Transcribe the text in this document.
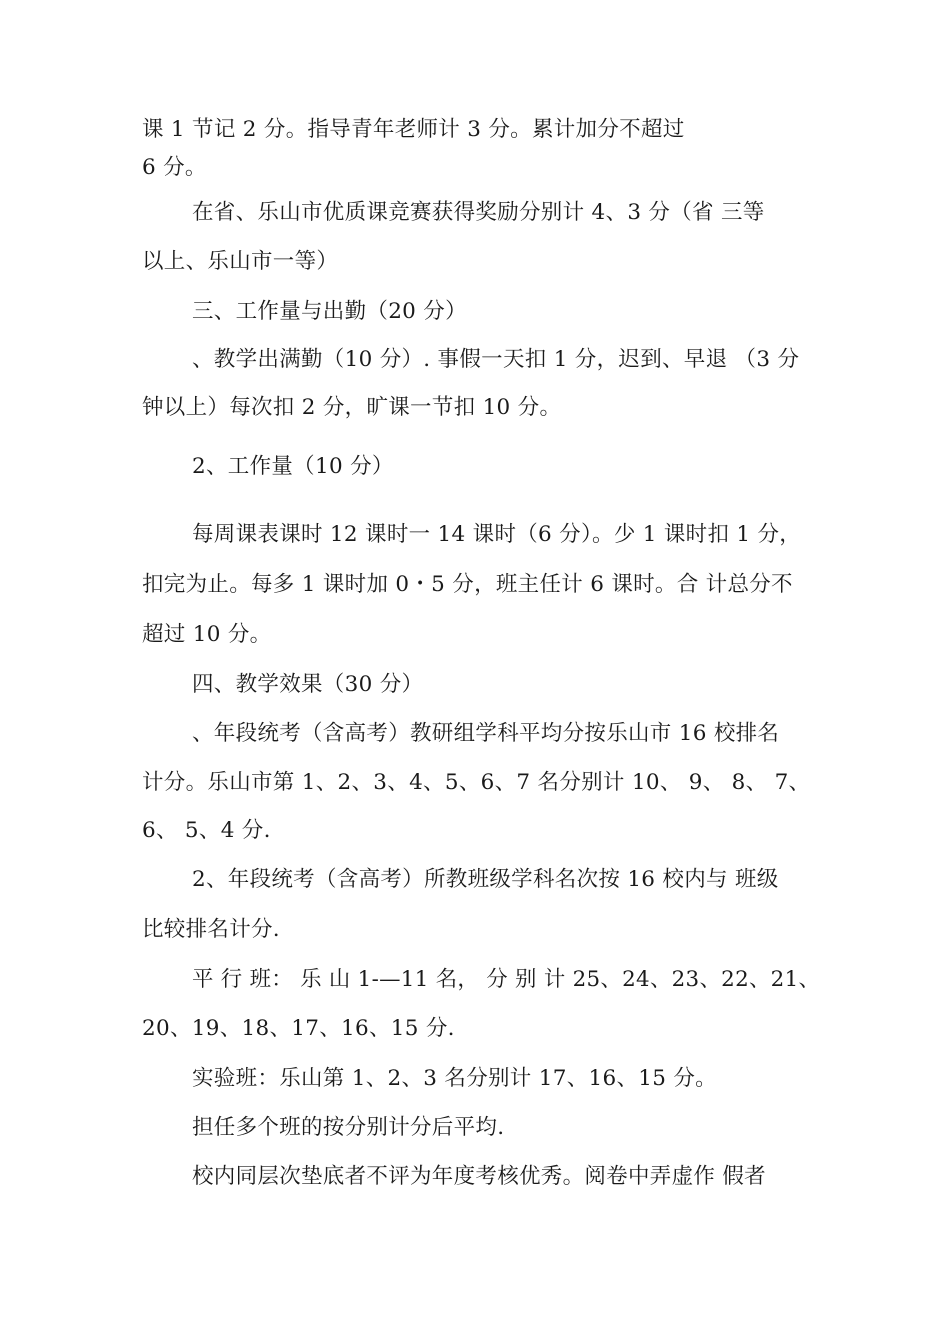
课 1 节记 2 分。指导青年老师计 3 分。累计加分不超过
6 分。
在省、乐山市优质课竞赛获得奖励分别计 4、3 分（省 三等
以上、乐山市一等）
三、工作量与出勤（20 分）
、教学出满勤（10 分）. 事假一天扣 1 分，迟到、早退 （3 分
钟以上）每次扣 2 分，旷课一节扣 10 分。
2、工作量（10 分）
每周课表课时 12 课时一 14 课时（6 分）。少 1 课时扣 1 分，
扣完为止。每多 1 课时加 0・5 分，班主任计 6 课时。合 计总分不
超过 10 分。
四、教学效果（30 分）
、年段统考（含高考）教研组学科平均分按乐山市 16 校排名
计分。乐山市第 1、2、3、4、5、6、7 名分别计 10、 9、 8、 7、
6、 5、4 分.
2、年段统考（含高考）所教班级学科名次按 16 校内与 班级
比较排名计分.
平 行 班： 乐 山 1-—11 名， 分 别 计 25、24、23、22、21、
20、19、18、17、16、15 分.
实验班：乐山第 1、2、3 名分别计 17、16、15 分。
担任多个班的按分别计分后平均.
校内同层次垫底者不评为年度考核优秀。阅卷中弄虚作 假者
